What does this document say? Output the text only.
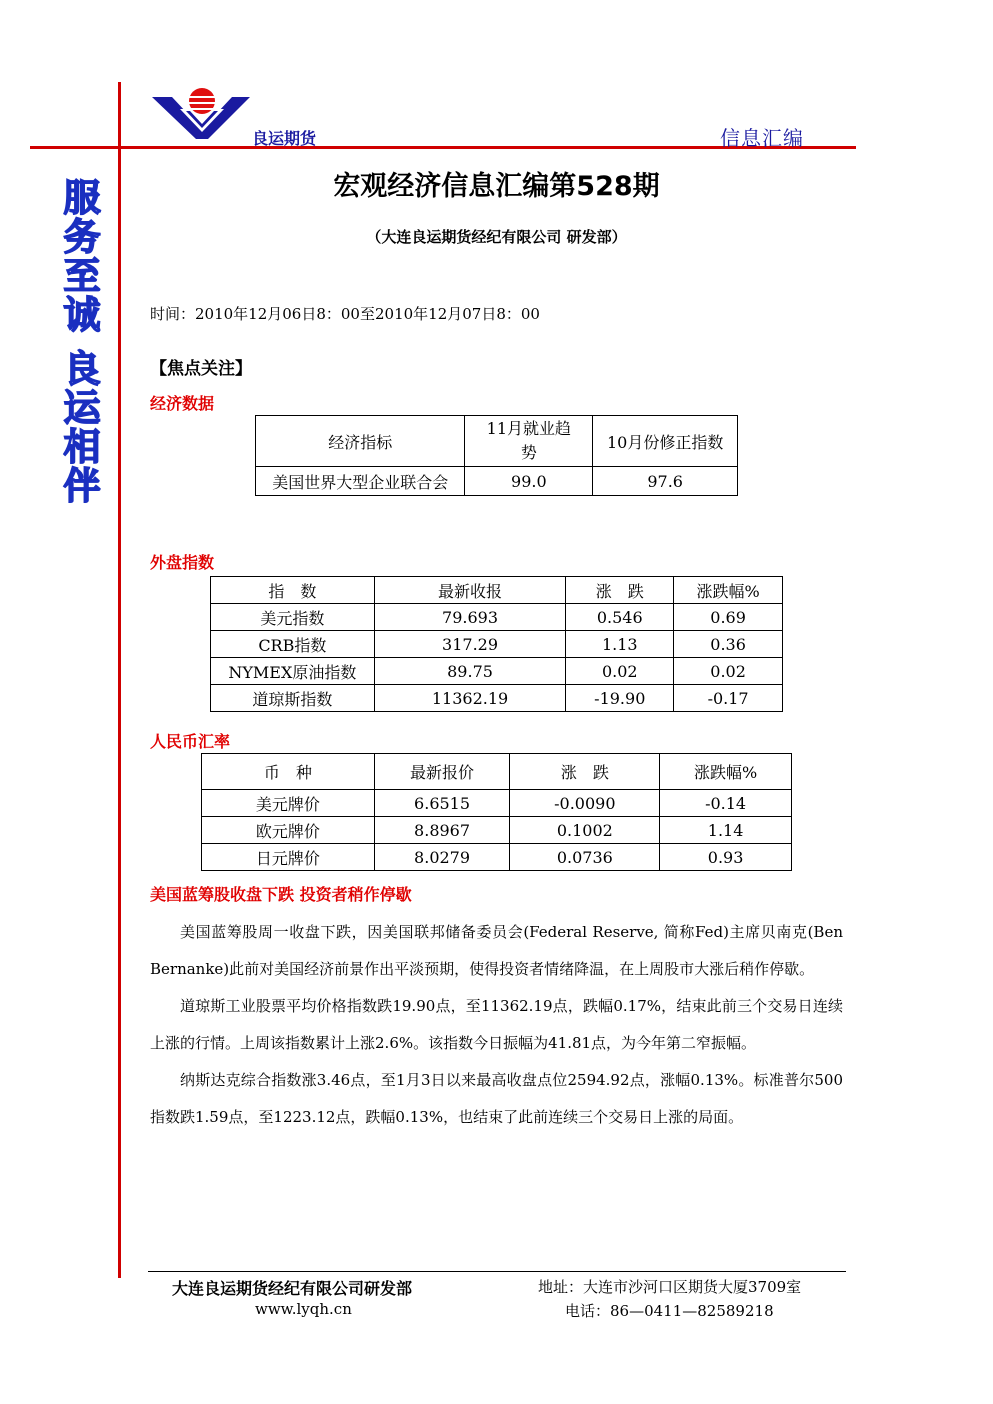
良运期货	信息汇编
服务至诚 良运相伴	宏观经济信息汇编第528期
（大连良运期货经纪有限公司 研发部）
时间：2010年12月06日8：00至2010年12月07日8：00
【焦点关注】
经济数据
经济指标	11月就业趋势	10月份修正指数
美国世界大型企业联合会	99.0	97.6
外盘指数
指　数	最新收报	涨　跌	涨跌幅%
美元指数	79.693	0.546	0.69
CRB指数	317.29	1.13	0.36
NYMEX原油指数	89.75	0.02	0.02
道琼斯指数	11362.19	-19.90	-0.17
人民币汇率
币　种	最新报价	涨　跌	涨跌幅%
美元牌价	6.6515	-0.0090	-0.14
欧元牌价	8.8967	0.1002	1.14
日元牌价	8.0279	0.0736	0.93
美国蓝筹股收盘下跌 投资者稍作停歇

美国蓝筹股周一收盘下跌，因美国联邦储备委员会(Federal Reserve, 简称Fed)主席贝南克(Ben Bernanke)此前对美国经济前景作出平淡预期，使得投资者情绪降温，在上周股市大涨后稍作停歇。

道琼斯工业股票平均价格指数跌19.90点，至11362.19点，跌幅0.17%，结束此前三个交易日连续上涨的行情。上周该指数累计上涨2.6%。该指数今日振幅为41.81点，为今年第二窄振幅。

纳斯达克综合指数涨3.46点，至1月3日以来最高收盘点位2594.92点，涨幅0.13%。标准普尔500指数跌1.59点，至1223.12点，跌幅0.13%，也结束了此前连续三个交易日上涨的局面。

大连良运期货经纪有限公司研发部	地址：大连市沙河口区期货大厦3709室
www.lyqh.cn	电话：86—0411—82589218
